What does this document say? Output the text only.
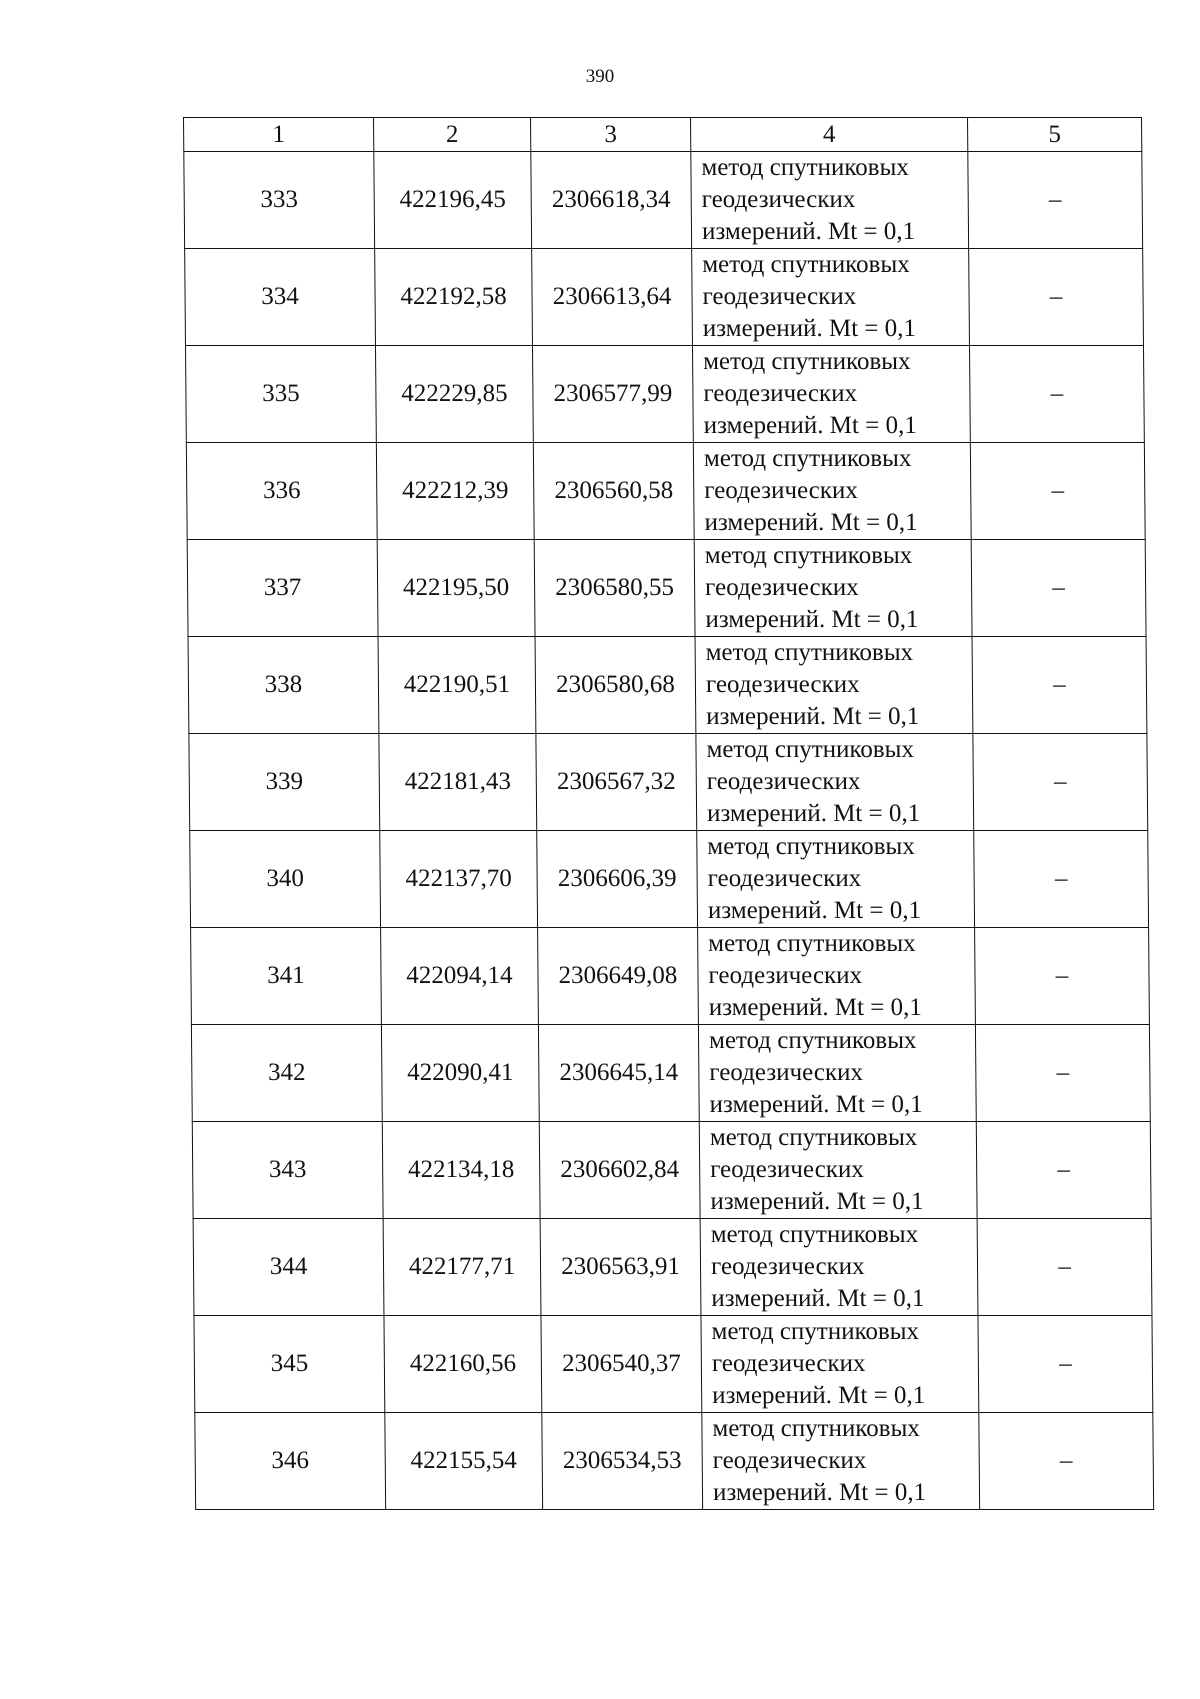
390
1	2	3	4	5
333	422196,45	2306618,34	метод спутниковых
геодезических
измерений. Mt = 0,1	–
334	422192,58	2306613,64	метод спутниковых
геодезических
измерений. Mt = 0,1	–
335	422229,85	2306577,99	метод спутниковых
геодезических
измерений. Mt = 0,1	–
336	422212,39	2306560,58	метод спутниковых
геодезических
измерений. Mt = 0,1	–
337	422195,50	2306580,55	метод спутниковых
геодезических
измерений. Mt = 0,1	–
338	422190,51	2306580,68	метод спутниковых
геодезических
измерений. Mt = 0,1	–
339	422181,43	2306567,32	метод спутниковых
геодезических
измерений. Mt = 0,1	–
340	422137,70	2306606,39	метод спутниковых
геодезических
измерений. Mt = 0,1	–
341	422094,14	2306649,08	метод спутниковых
геодезических
измерений. Mt = 0,1	–
342	422090,41	2306645,14	метод спутниковых
геодезических
измерений. Mt = 0,1	–
343	422134,18	2306602,84	метод спутниковых
геодезических
измерений. Mt = 0,1	–
344	422177,71	2306563,91	метод спутниковых
геодезических
измерений. Mt = 0,1	–
345	422160,56	2306540,37	метод спутниковых
геодезических
измерений. Mt = 0,1	–
346	422155,54	2306534,53	метод спутниковых
геодезических
измерений. Mt = 0,1	–
